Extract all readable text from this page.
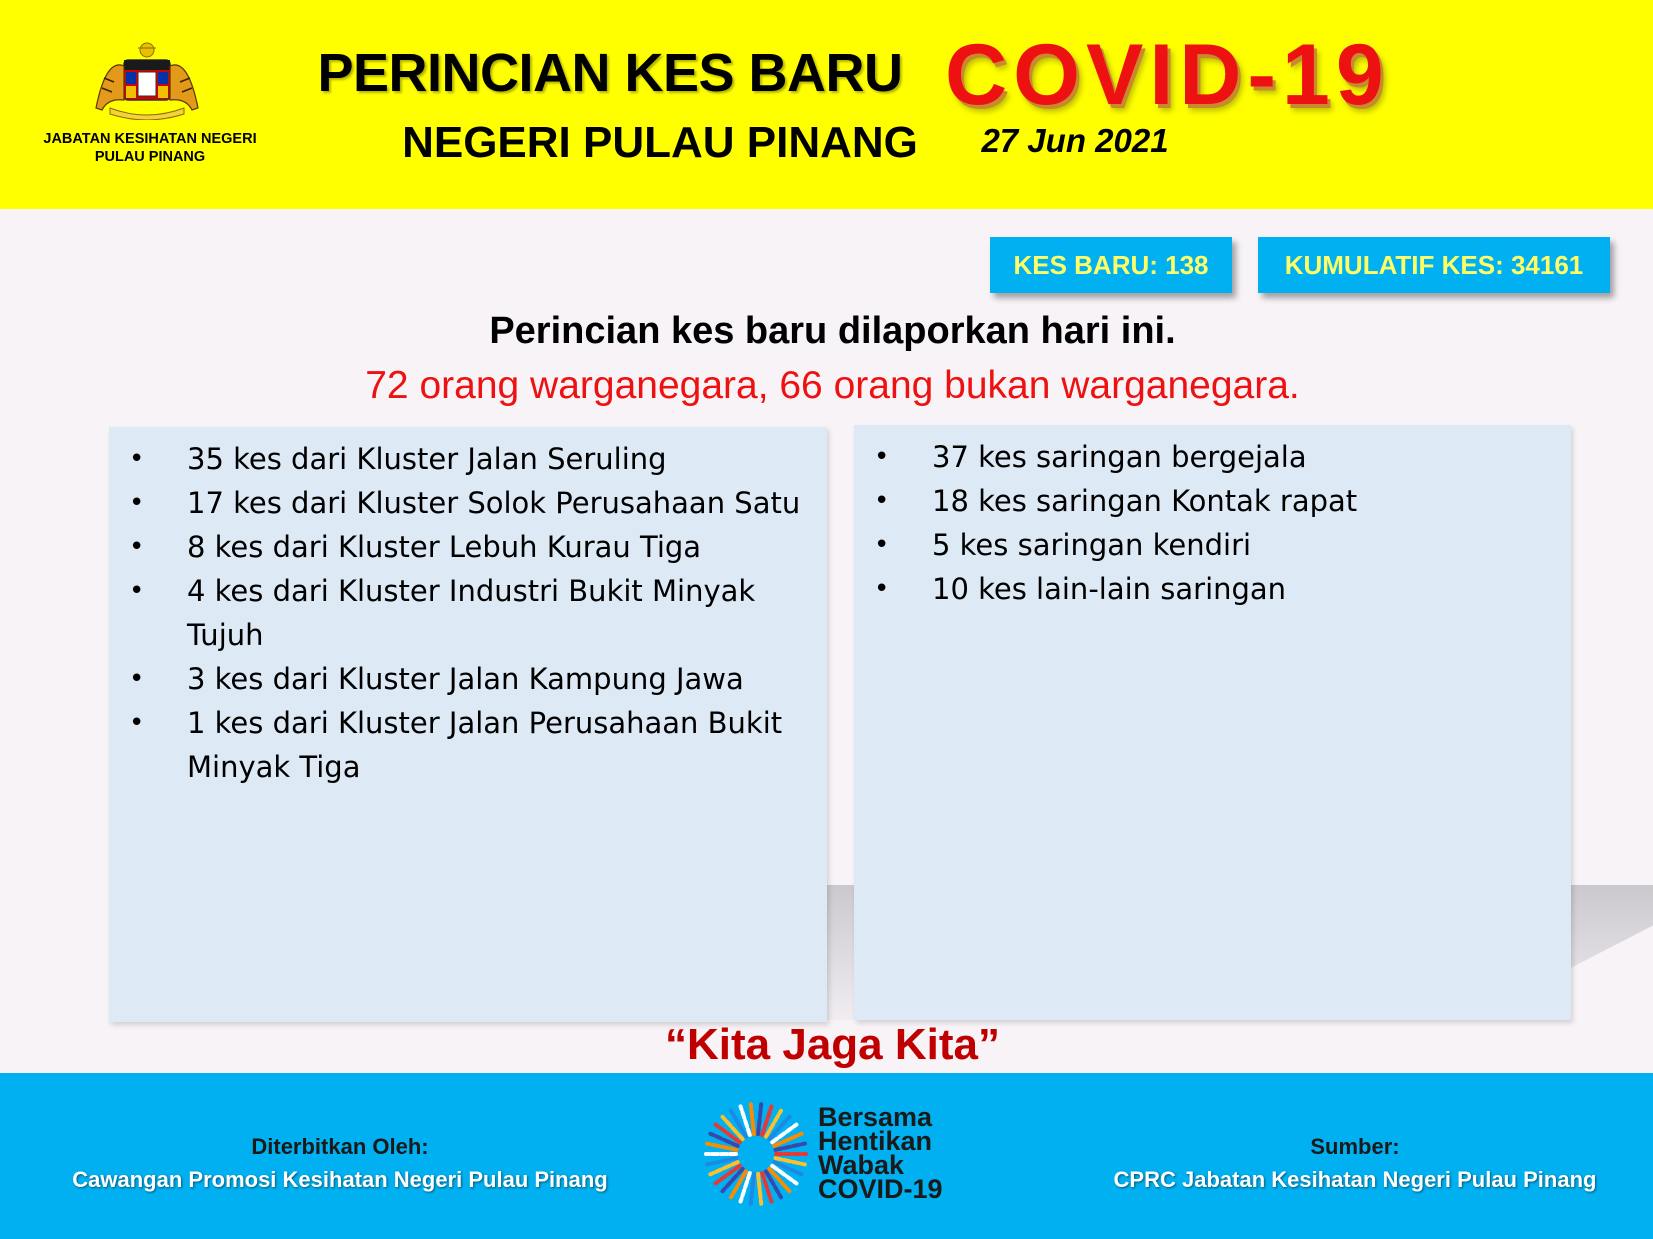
JABATAN KESIHATAN NEGERI PULAU PINANG
PERINCIAN KES BARU COVID-19
NEGERI PULAU PINANG	27 Jun 2021
KES BARU: 138	KUMULATIF KES: 34161
Perincian kes baru dilaporkan hari ini.
72 orang warganegara, 66 orang bukan warganegara.
•	35 kes dari Kluster Jalan Seruling
•	17 kes dari Kluster Solok Perusahaan Satu
•	8 kes dari Kluster Lebuh Kurau Tiga
•	4 kes dari Kluster Industri Bukit Minyak Tujuh
•	3 kes dari Kluster Jalan Kampung Jawa
•	1 kes dari Kluster Jalan Perusahaan Bukit Minyak Tiga
•	37 kes saringan bergejala
•	18 kes saringan Kontak rapat
•	5 kes saringan kendiri
•	10 kes lain-lain saringan
“Kita Jaga Kita”
Diterbitkan Oleh:
Cawangan Promosi Kesihatan Negeri Pulau Pinang
Bersama
Hentikan
Wabak
COVID-19
Sumber:
CPRC Jabatan Kesihatan Negeri Pulau Pinang
